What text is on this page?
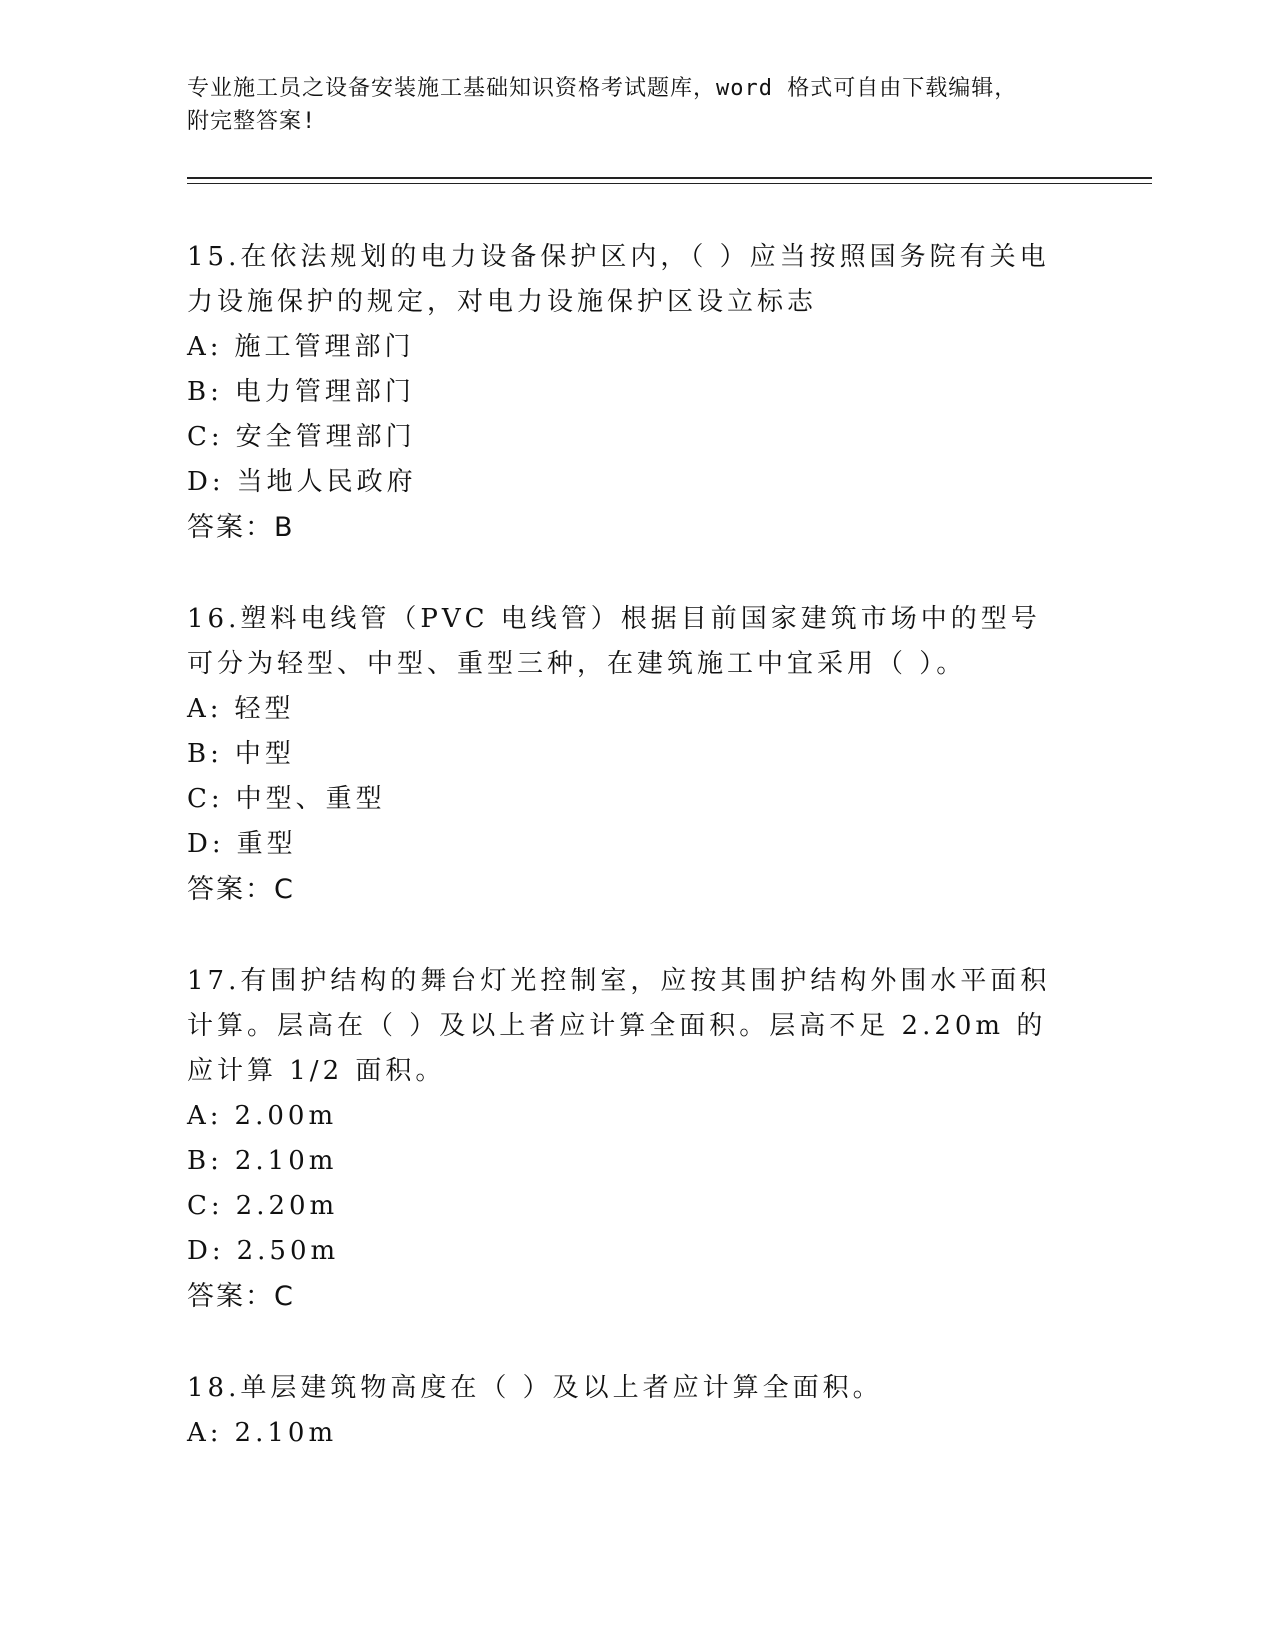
专业施工员之设备安装施工基础知识资格考试题库，word 格式可自由下载编辑，
附完整答案!

15.在依法规划的电力设备保护区内，（ ）应当按照国务院有关电力设施保护的规定，对电力设施保护区设立标志

A: 施工管理部门

B: 电力管理部门

C: 安全管理部门

D: 当地人民政府

答案：B

16.塑料电线管（PVC 电线管）根据目前国家建筑市场中的型号可分为轻型、中型、重型三种，在建筑施工中宜采用（ ）。

A: 轻型

B: 中型

C: 中型、重型

D: 重型

答案：C

17.有围护结构的舞台灯光控制室，应按其围护结构外围水平面积计算。层高在（ ）及以上者应计算全面积。层高不足 2.20m 的应计算 1/2 面积。

A: 2.00m

B: 2.10m

C: 2.20m

D: 2.50m

答案：C

18.单层建筑物高度在（ ）及以上者应计算全面积。

A: 2.10m
